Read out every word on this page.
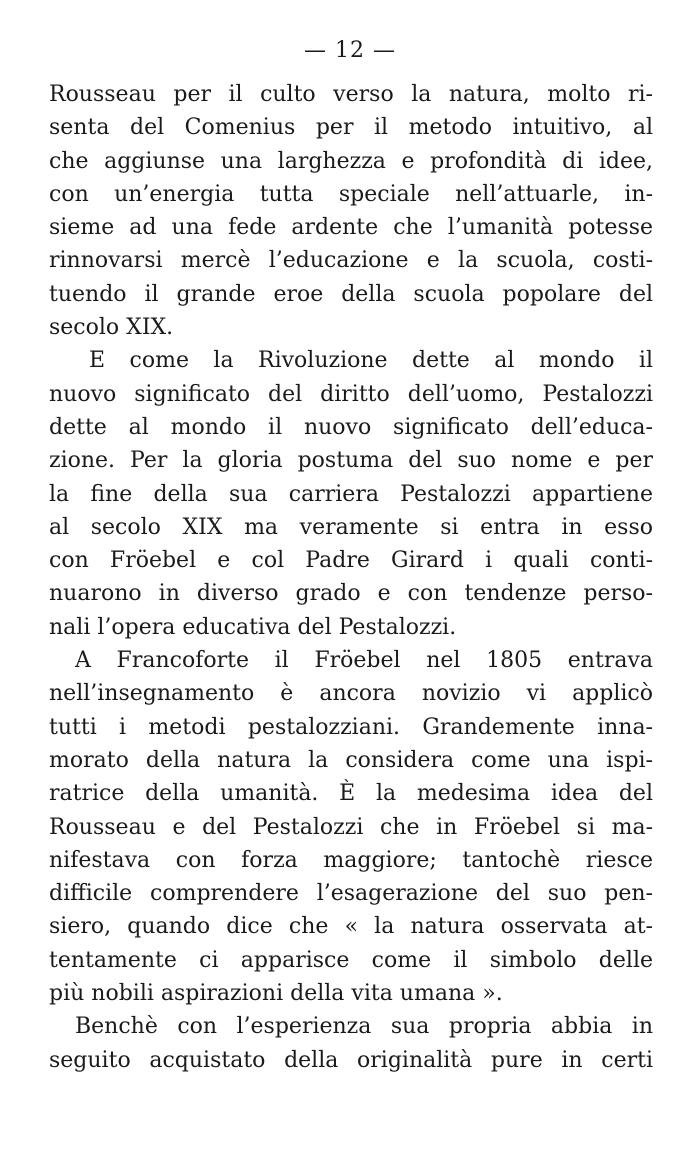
— 12 —
Rousseau per il culto verso la natura, molto ri-
senta del Comenius per il metodo intuitivo, al
che aggiunse una larghezza e profondità di idee,
con un’energia tutta speciale nell’attuarle, in-
sieme ad una fede ardente che l’umanità potesse
rinnovarsi mercè l’educazione e la scuola, costi-
tuendo il grande eroe della scuola popolare del
secolo XIX.
E come la Rivoluzione dette al mondo il
nuovo significato del diritto dell’uomo, Pestalozzi
dette al mondo il nuovo significato dell’educa-
zione. Per la gloria postuma del suo nome e per
la fine della sua carriera Pestalozzi appartiene
al secolo XIX ma veramente si entra in esso
con Fröebel e col Padre Girard i quali conti-
nuarono in diverso grado e con tendenze perso-
nali l’opera educativa del Pestalozzi.
A Francoforte il Fröebel nel 1805 entrava
nell’insegnamento è ancora novizio vi applicò
tutti i metodi pestalozziani. Grandemente inna-
morato della natura la considera come una ispi-
ratrice della umanità. È la medesima idea del
Rousseau e del Pestalozzi che in Fröebel si ma-
nifestava con forza maggiore; tantochè riesce
difficile comprendere l’esagerazione del suo pen-
siero, quando dice che « la natura osservata at-
tentamente ci apparisce come il simbolo delle
più nobili aspirazioni della vita umana ».
Benchè con l’esperienza sua propria abbia in
seguito acquistato della originalità pure in certi
